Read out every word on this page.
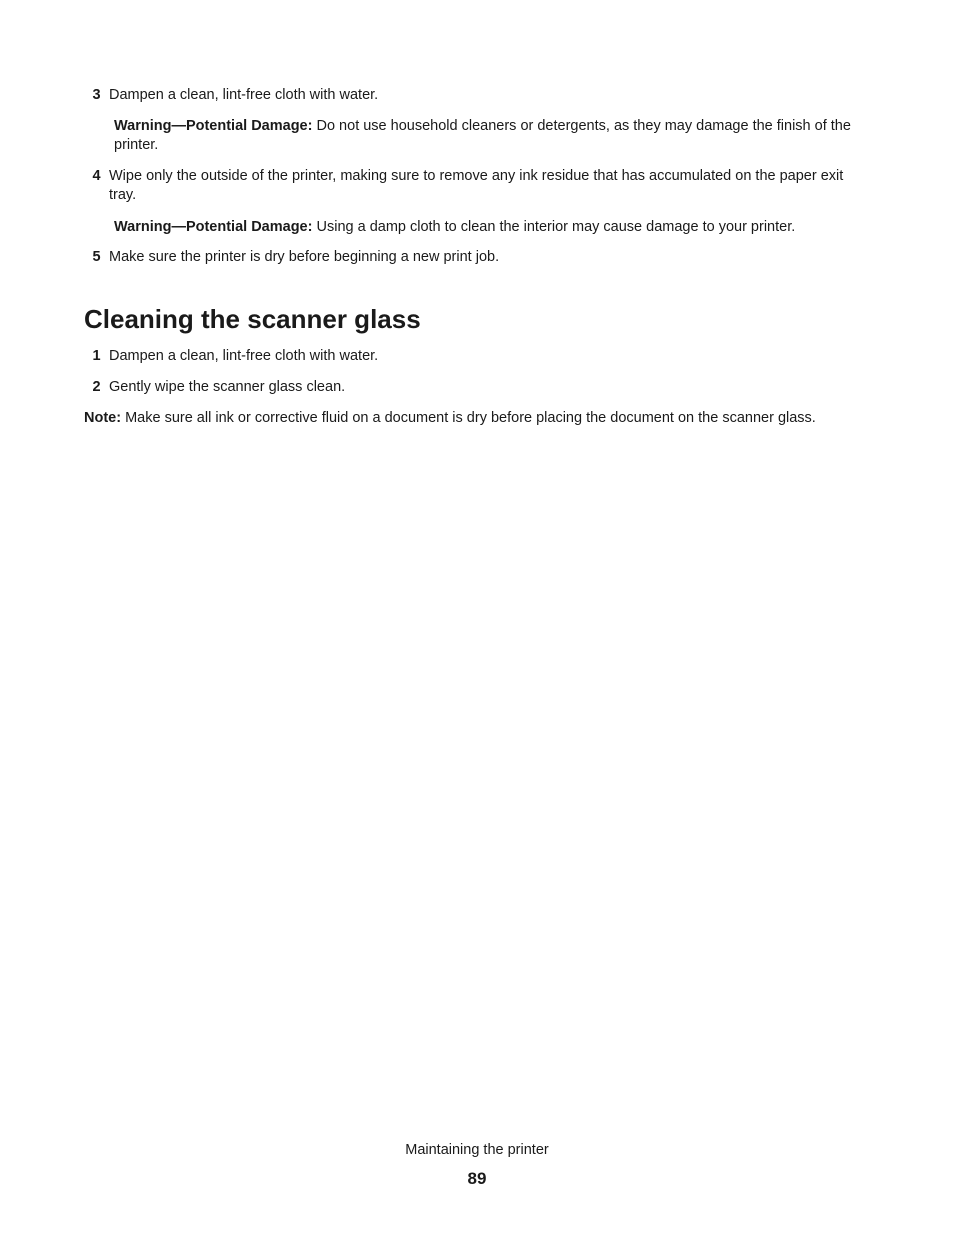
3 Dampen a clean, lint-free cloth with water.
Warning—Potential Damage: Do not use household cleaners or detergents, as they may damage the finish of the printer.
4 Wipe only the outside of the printer, making sure to remove any ink residue that has accumulated on the paper exit tray.
Warning—Potential Damage: Using a damp cloth to clean the interior may cause damage to your printer.
5 Make sure the printer is dry before beginning a new print job.
Cleaning the scanner glass
1 Dampen a clean, lint-free cloth with water.
2 Gently wipe the scanner glass clean.
Note: Make sure all ink or corrective fluid on a document is dry before placing the document on the scanner glass.
Maintaining the printer
89
